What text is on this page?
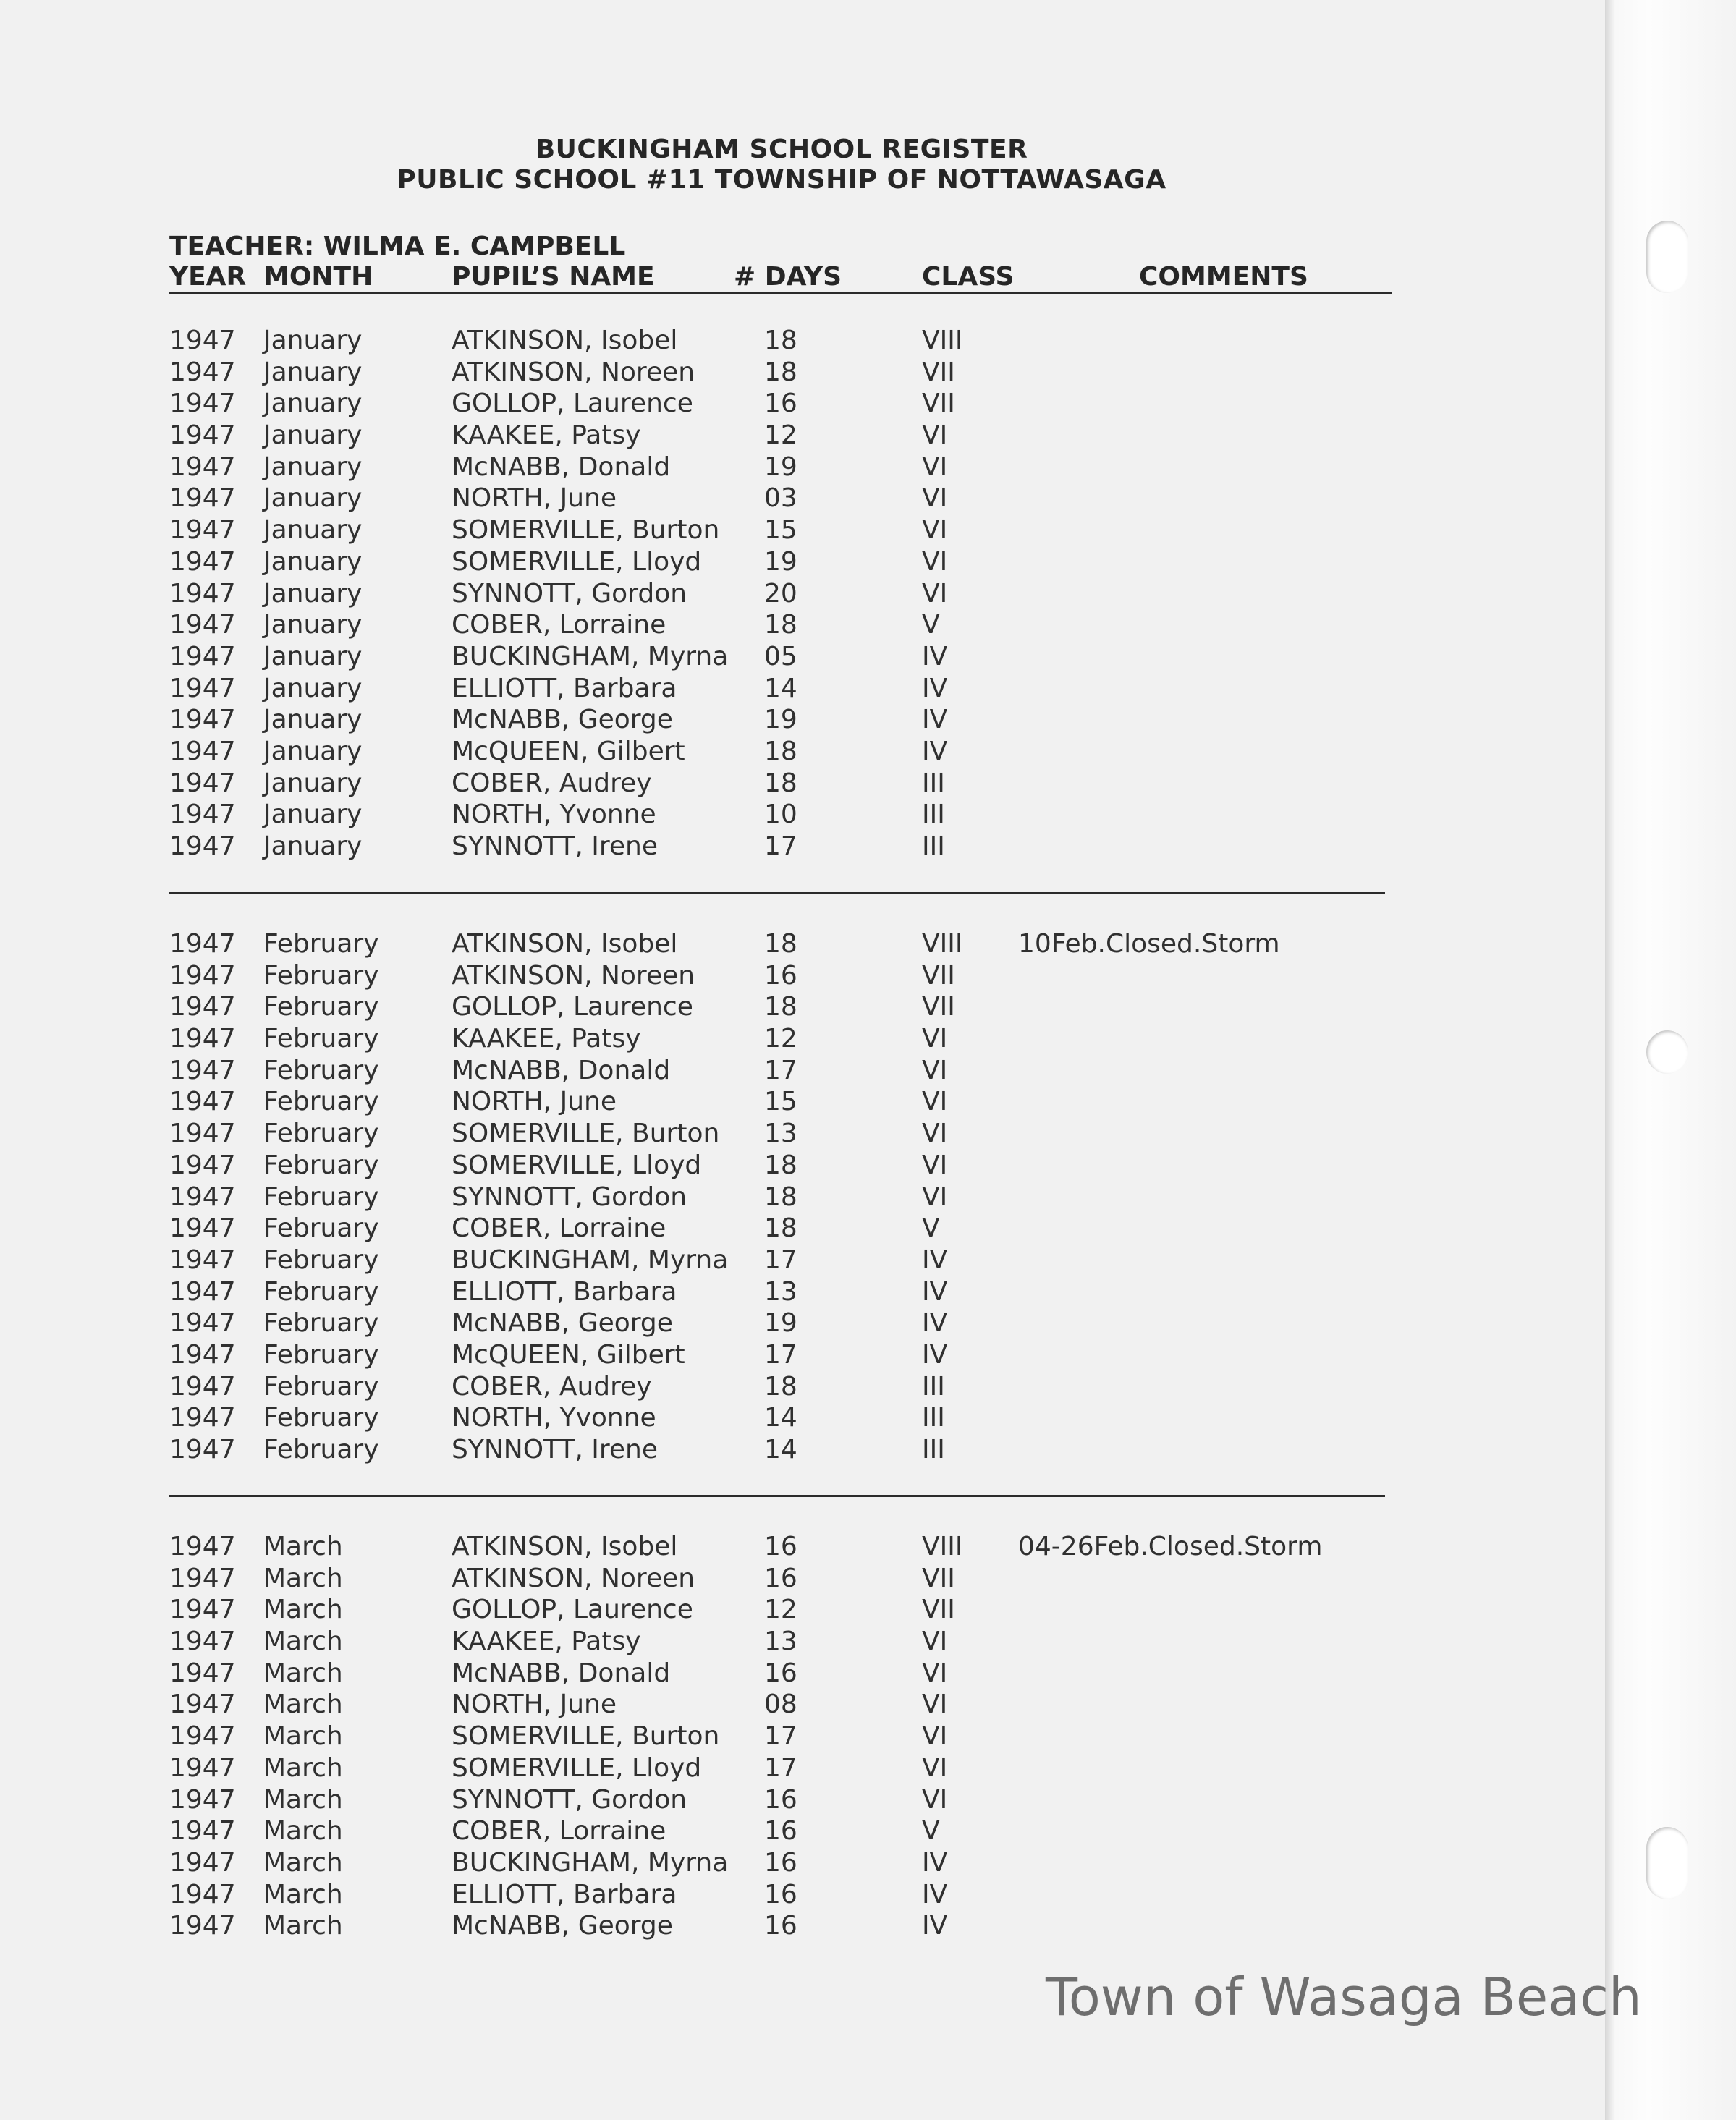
BUCKINGHAM SCHOOL REGISTER
PUBLIC SCHOOL #11 TOWNSHIP OF NOTTAWASAGA
TEACHER: WILMA E. CAMPBELL
YEAR MONTH	PUPIL’S NAME	# DAYS	CLASS	COMMENTS
1947 January	ATKINSON, Isobel	18	VIII
1947 January	ATKINSON, Noreen	18	VII
1947 January	GOLLOP, Laurence	16	VII
1947 January	KAAKEE, Patsy	12	VI
1947 January	McNABB, Donald	19	VI
1947 January	NORTH, June	03	VI
1947 January	SOMERVILLE, Burton 15	VI
1947 January	SOMERVILLE, Lloyd 19	VI
1947 January	SYNNOTT, Gordon	20	VI
1947 January	COBER, Lorraine	18	V
1947 January	BUCKINGHAM, Myrna 05	IV
1947 January	ELLIOTT, Barbara	14	IV
1947 January	McNABB, George	19	IV
1947 January	McQUEEN, Gilbert	18	IV
1947 January	COBER, Audrey	18	III
1947 January	NORTH, Yvonne	10	III
1947 January	SYNNOTT, Irene	17	III
1947 February	ATKINSON, Isobel	18	VIII 10Feb.Closed.Storm
1947 February	ATKINSON, Noreen	16	VII
1947 February	GOLLOP, Laurence	18	VII
1947 February	KAAKEE, Patsy	12	VI
1947 February	McNABB, Donald	17	VI
1947 February	NORTH, June	15	VI
1947 February	SOMERVILLE, Burton 13	VI
1947 February	SOMERVILLE, Lloyd 18	VI
1947 February	SYNNOTT, Gordon	18	VI
1947 February	COBER, Lorraine	18	V
1947 February	BUCKINGHAM, Myrna 17	IV
1947 February	ELLIOTT, Barbara	13	IV
1947 February	McNABB, George	19	IV
1947 February	McQUEEN, Gilbert	17	IV
1947 February	COBER, Audrey	18	III
1947 February	NORTH, Yvonne	14	III
1947 February	SYNNOTT, Irene	14	III
1947 March	ATKINSON, Isobel	16	VIII 04-26Feb.Closed.Storm
1947 March	ATKINSON, Noreen	16	VII
1947 March	GOLLOP, Laurence	12	VII
1947 March	KAAKEE, Patsy	13	VI
1947 March	McNABB, Donald	16	VI
1947 March	NORTH, June	08	VI
1947 March	SOMERVILLE, Burton 17	VI
1947 March	SOMERVILLE, Lloyd 17	VI
1947 March	SYNNOTT, Gordon	16	VI
1947 March	COBER, Lorraine	16	V
1947 March	BUCKINGHAM, Myrna 16	IV
1947 March	ELLIOTT, Barbara	16	IV
1947 March	McNABB, George	16	IV
Town of Wasaga Beach
